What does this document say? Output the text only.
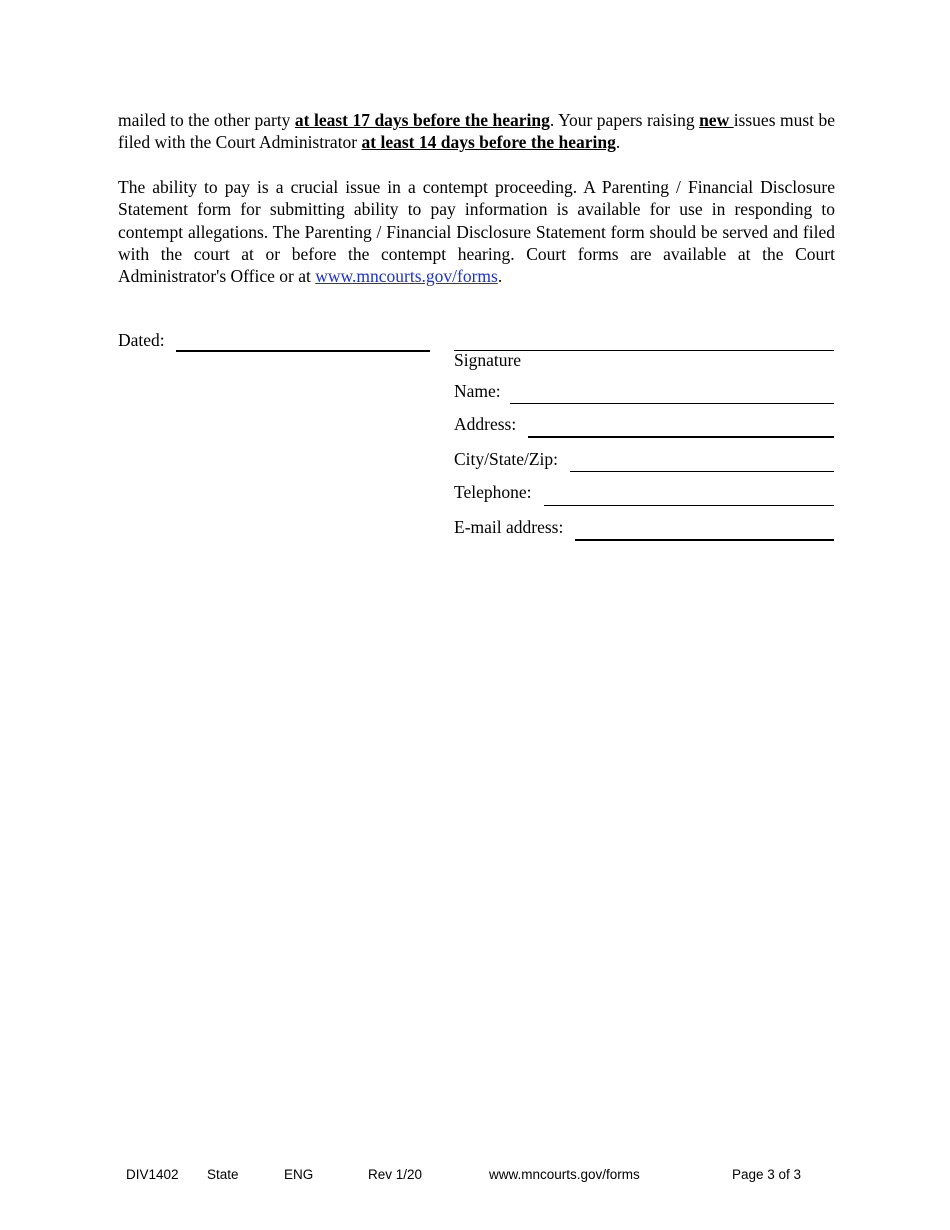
mailed to the other party at least 17 days before the hearing. Your papers raising new issues must be filed with the Court Administrator at least 14 days before the hearing.
The ability to pay is a crucial issue in a contempt proceeding. A Parenting / Financial Disclosure Statement form for submitting ability to pay information is available for use in responding to contempt allegations. The Parenting / Financial Disclosure Statement form should be served and filed with the court at or before the contempt hearing. Court forms are available at the Court Administrator's Office or at www.mncourts.gov/forms.
Dated:
Signature
Name:
Address:
City/State/Zip:
Telephone:
E-mail address:
DIV1402 State	ENG	Rev 1/20	www.mncourts.gov/forms	Page 3 of 3
